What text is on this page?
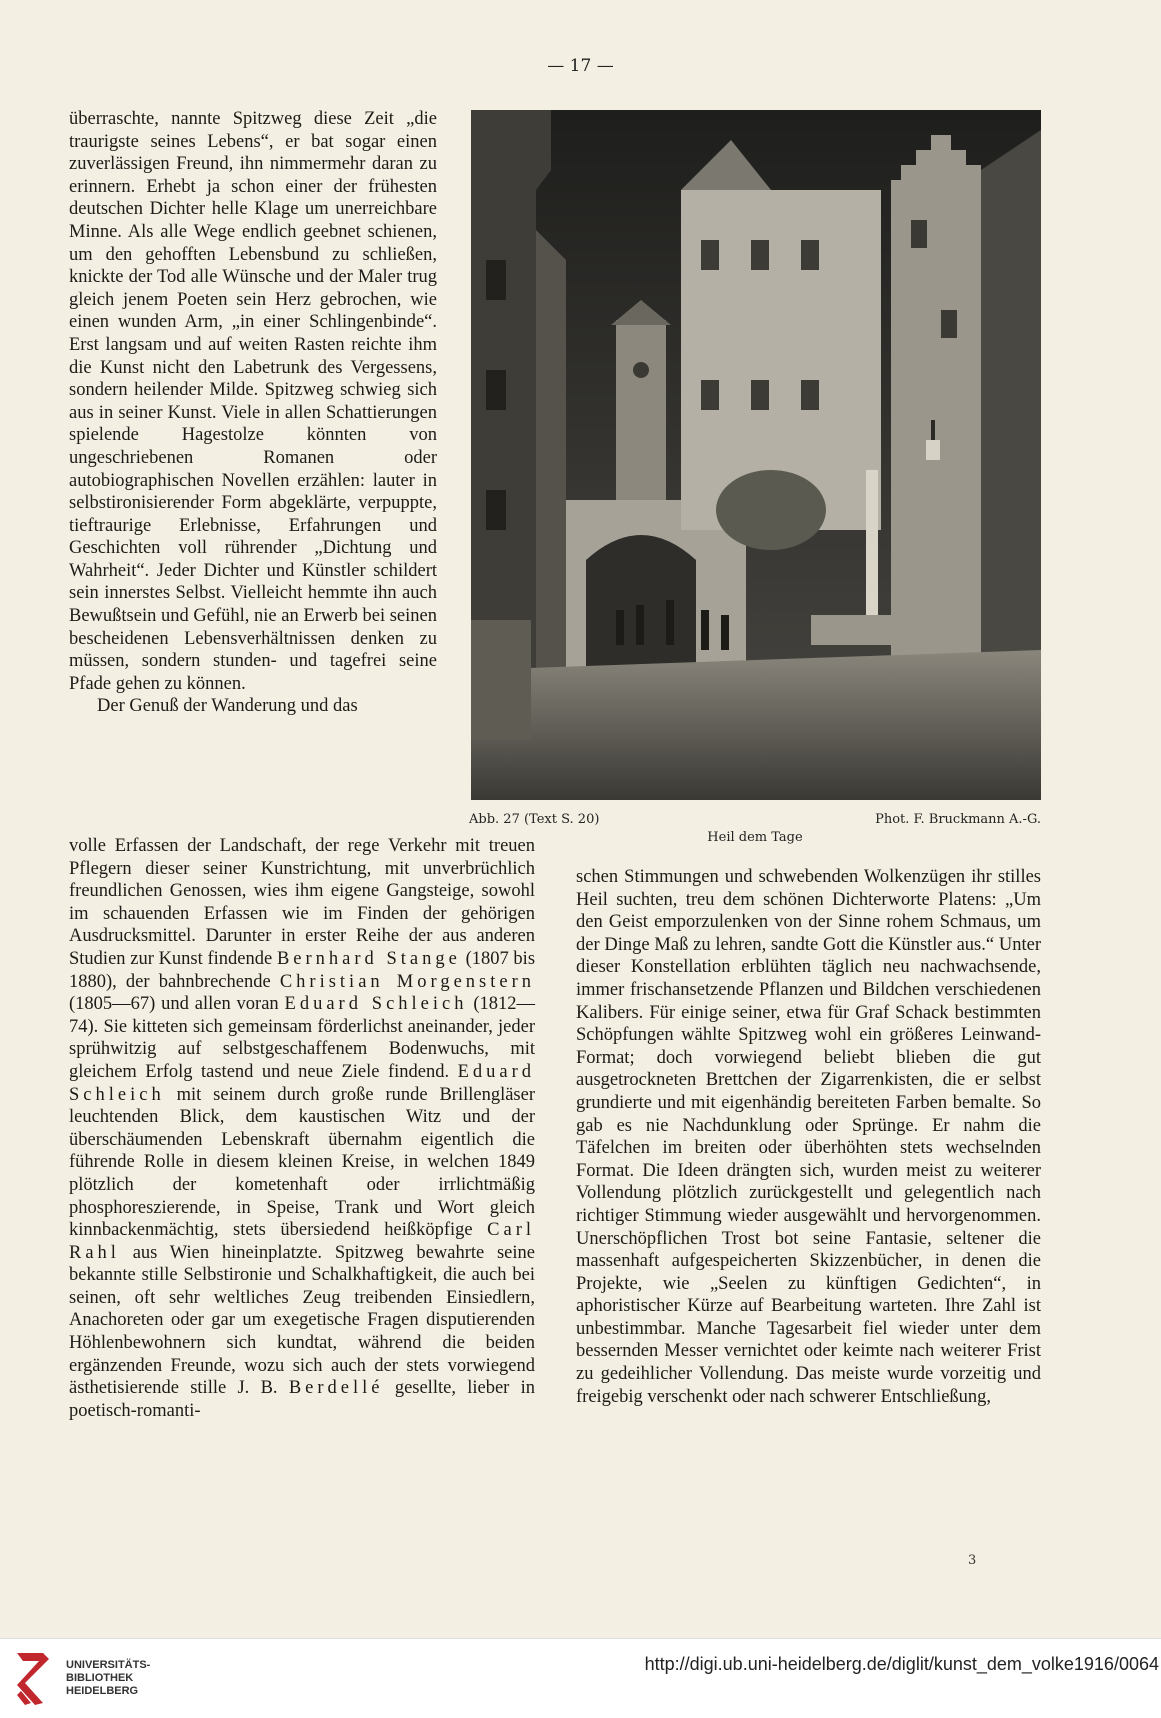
— 17 —

überraschte, nannte Spitzweg diese Zeit „die traurigste seines Lebens“, er bat sogar einen zuverlässigen Freund, ihn nimmermehr daran zu erinnern. Erhebt ja schon einer der frühesten deutschen Dichter helle Klage um unerreichbare Minne. Als alle Wege endlich geebnet schienen, um den gehofften Lebensbund zu schließen, knickte der Tod alle Wünsche und der Maler trug gleich jenem Poeten sein Herz gebrochen, wie einen wunden Arm, „in einer Schlingenbinde“. Erst langsam und auf weiten Rasten reichte ihm die Kunst nicht den Labetrunk des Vergessens, sondern heilender Milde. Spitzweg schwieg sich aus in seiner Kunst. Viele in allen Schattierungen spielende Hagestolze könnten von ungeschriebenen Romanen oder autobiographischen Novellen erzählen: lauter in selbstironisierender Form abgeklärte, verpuppte, tieftraurige Erlebnisse, Erfahrungen und Geschichten voll rührender „Dichtung und Wahrheit“. Jeder Dichter und Künstler schildert sein innerstes Selbst. Vielleicht hemmte ihn auch Bewußtsein und Gefühl, nie an Erwerb bei seinen bescheidenen Lebensverhältnissen denken zu müssen, sondern stunden- und tagefrei seine Pfade gehen zu können.

Der Genuß der Wanderung und das

Abb. 27 (Text S. 20)	Phot. F. Bruckmann A.-G.
Heil dem Tage

volle Erfassen der Landschaft, der rege Verkehr mit treuen Pflegern dieser seiner Kunstrichtung, mit unverbrüchlich freundlichen Genossen, wies ihm eigene Gangsteige, sowohl im schauenden Erfassen wie im Finden der gehörigen Ausdrucksmittel. Darunter in erster Reihe der aus anderen Studien zur Kunst findende Bernhard Stange (1807 bis 1880), der bahnbrechende Christian Morgenstern (1805—67) und allen voran Eduard Schleich (1812—74). Sie kitteten sich gemeinsam förderlichst aneinander, jeder sprühwitzig auf selbstgeschaffenem Bodenwuchs, mit gleichem Erfolg tastend und neue Ziele findend. Eduard Schleich mit seinem durch große runde Brillengläser leuchtenden Blick, dem kaustischen Witz und der überschäumenden Lebenskraft übernahm eigentlich die führende Rolle in diesem kleinen Kreise, in welchen 1849 plötzlich der kometenhaft oder irrlichtmäßig phosphoreszierende, in Speise, Trank und Wort gleich kinnbackenmächtig, stets übersiedend heißköpfige Carl Rahl aus Wien hineinplatzte. Spitzweg bewahrte seine bekannte stille Selbstironie und Schalkhaftigkeit, die auch bei seinen, oft sehr weltliches Zeug treibenden Einsiedlern, Anachoreten oder gar um exegetische Fragen disputierenden Höhlenbewohnern sich kundtat, während die beiden ergänzenden Freunde, wozu sich auch der stets vorwiegend ästhetisierende stille J. B. Berdellé gesellte, lieber in poetisch-romanti-

schen Stimmungen und schwebenden Wolkenzügen ihr stilles Heil suchten, treu dem schönen Dichterworte Platens: „Um den Geist emporzulenken von der Sinne rohem Schmaus, um der Dinge Maß zu lehren, sandte Gott die Künstler aus.“ Unter dieser Konstellation erblühten täglich neu nachwachsende, immer frischansetzende Pflanzen und Bildchen verschiedenen Kalibers. Für einige seiner, etwa für Graf Schack bestimmten Schöpfungen wählte Spitzweg wohl ein größeres Leinwand-Format; doch vorwiegend beliebt blieben die gut ausgetrockneten Brettchen der Zigarrenkisten, die er selbst grundierte und mit eigenhändig bereiteten Farben bemalte. So gab es nie Nachdunklung oder Sprünge. Er nahm die Täfelchen im breiten oder überhöhten stets wechselnden Format. Die Ideen drängten sich, wurden meist zu weiterer Vollendung plötzlich zurückgestellt und gelegentlich nach richtiger Stimmung wieder ausgewählt und hervorgenommen. Unerschöpflichen Trost bot seine Fantasie, seltener die massenhaft aufgespeicherten Skizzenbücher, in denen die Projekte, wie „Seelen zu künftigen Gedichten“, in aphoristischer Kürze auf Bearbeitung warteten. Ihre Zahl ist unbestimmbar. Manche Tagesarbeit fiel wieder unter dem bessernden Messer vernichtet oder keimte nach weiterer Frist zu gedeihlicher Vollendung. Das meiste wurde vorzeitig und freigebig verschenkt oder nach schwerer Entschließung,

3
UNIVERSITÄTS-
BIBLIOTHEK
HEIDELBERG
http://digi.ub.uni-heidelberg.de/diglit/kunst_dem_volke1916/0064
